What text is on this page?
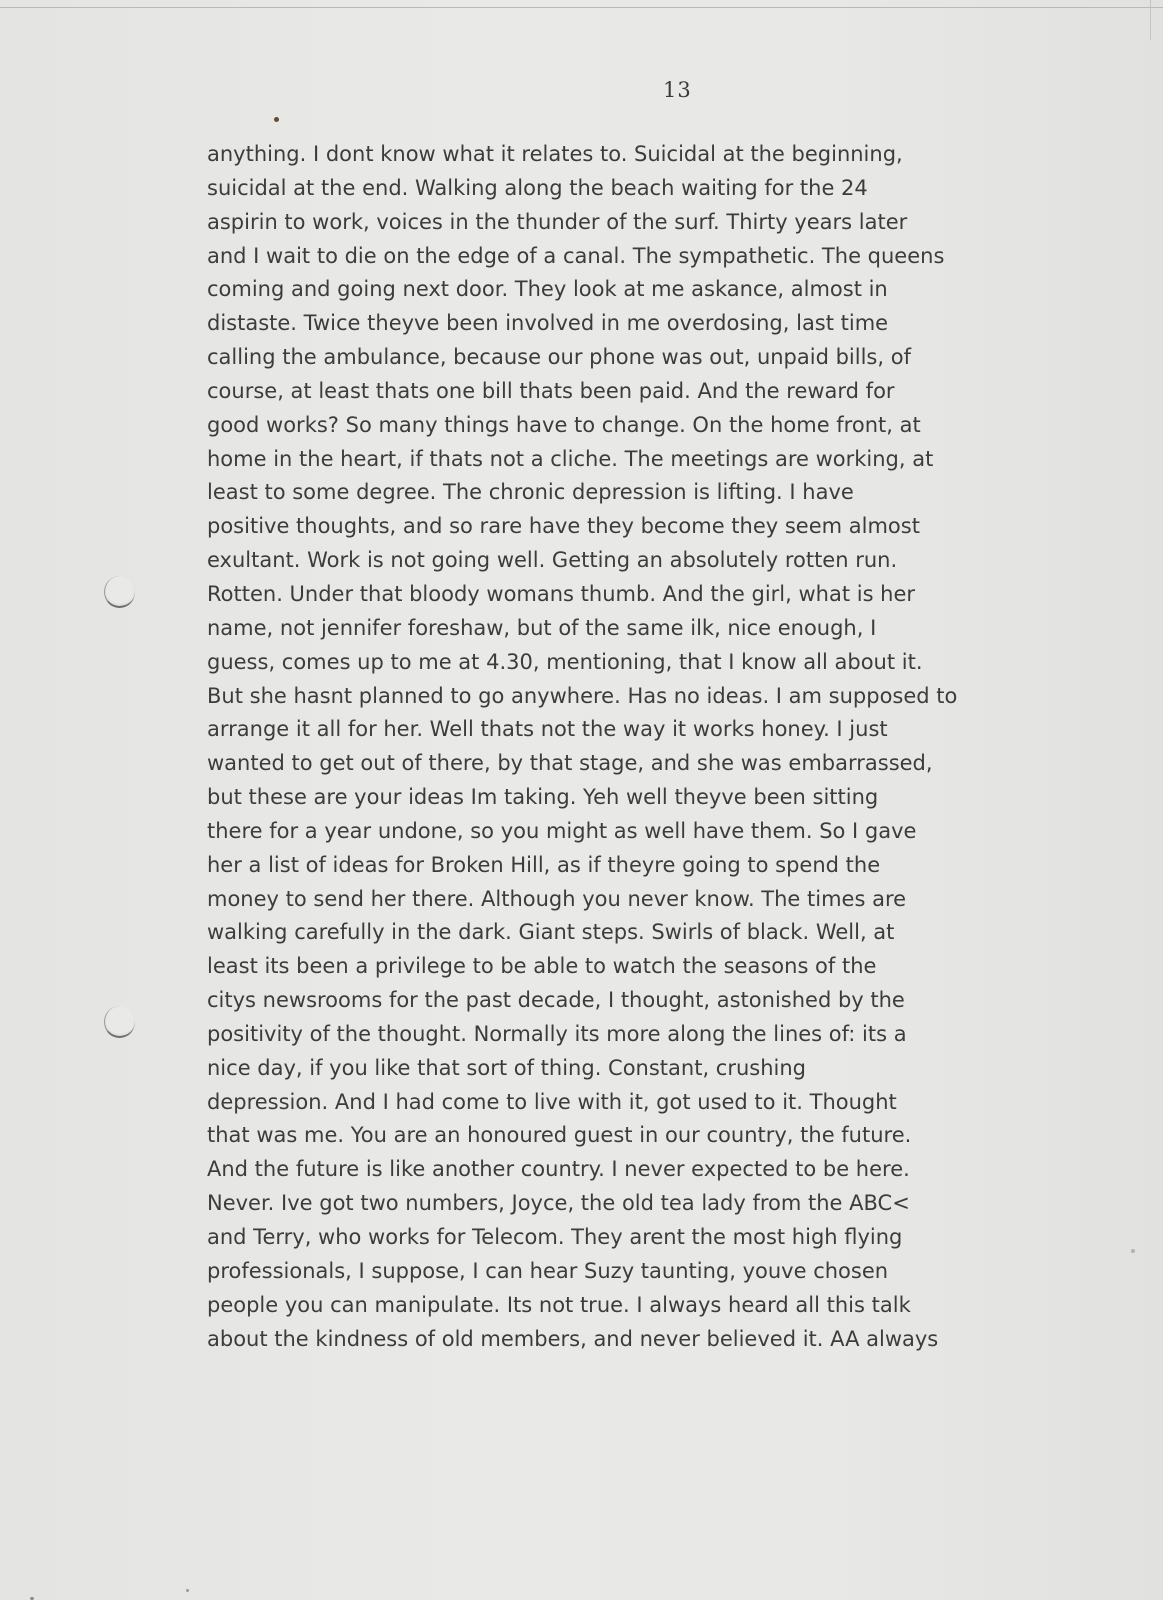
13
anything. I dont know what it relates to. Suicidal at the beginning,
suicidal at the end. Walking along the beach waiting for the 24
aspirin to work, voices in the thunder of the surf. Thirty years later
and I wait to die on the edge of a canal. The sympathetic. The queens
coming and going next door. They look at me askance, almost in
distaste. Twice theyve been involved in me overdosing, last time
calling the ambulance, because our phone was out, unpaid bills, of
course, at least thats one bill thats been paid. And the reward for
good works? So many things have to change. On the home front, at
home in the heart, if thats not a cliche. The meetings are working, at
least to some degree. The chronic depression is lifting. I have
positive thoughts, and so rare have they become they seem almost
exultant. Work is not going well. Getting an absolutely rotten run.
Rotten. Under that bloody womans thumb. And the girl, what is her
name, not jennifer foreshaw, but of the same ilk, nice enough, I
guess, comes up to me at 4.30, mentioning, that I know all about it.
But she hasnt planned to go anywhere. Has no ideas. I am supposed to
arrange it all for her. Well thats not the way it works honey. I just
wanted to get out of there, by that stage, and she was embarrassed,
but these are your ideas Im taking. Yeh well theyve been sitting
there for a year undone, so you might as well have them. So I gave
her a list of ideas for Broken Hill, as if theyre going to spend the
money to send her there. Although you never know. The times are
walking carefully in the dark. Giant steps. Swirls of black. Well, at
least its been a privilege to be able to watch the seasons of the
citys newsrooms for the past decade, I thought, astonished by the
positivity of the thought. Normally its more along the lines of: its a
nice day, if you like that sort of thing. Constant, crushing
depression. And I had come to live with it, got used to it. Thought
that was me. You are an honoured guest in our country, the future.
And the future is like another country. I never expected to be here.
Never. Ive got two numbers, Joyce, the old tea lady from the ABC<
and Terry, who works for Telecom. They arent the most high flying
professionals, I suppose, I can hear Suzy taunting, youve chosen
people you can manipulate. Its not true. I always heard all this talk
about the kindness of old members, and never believed it. AA always
